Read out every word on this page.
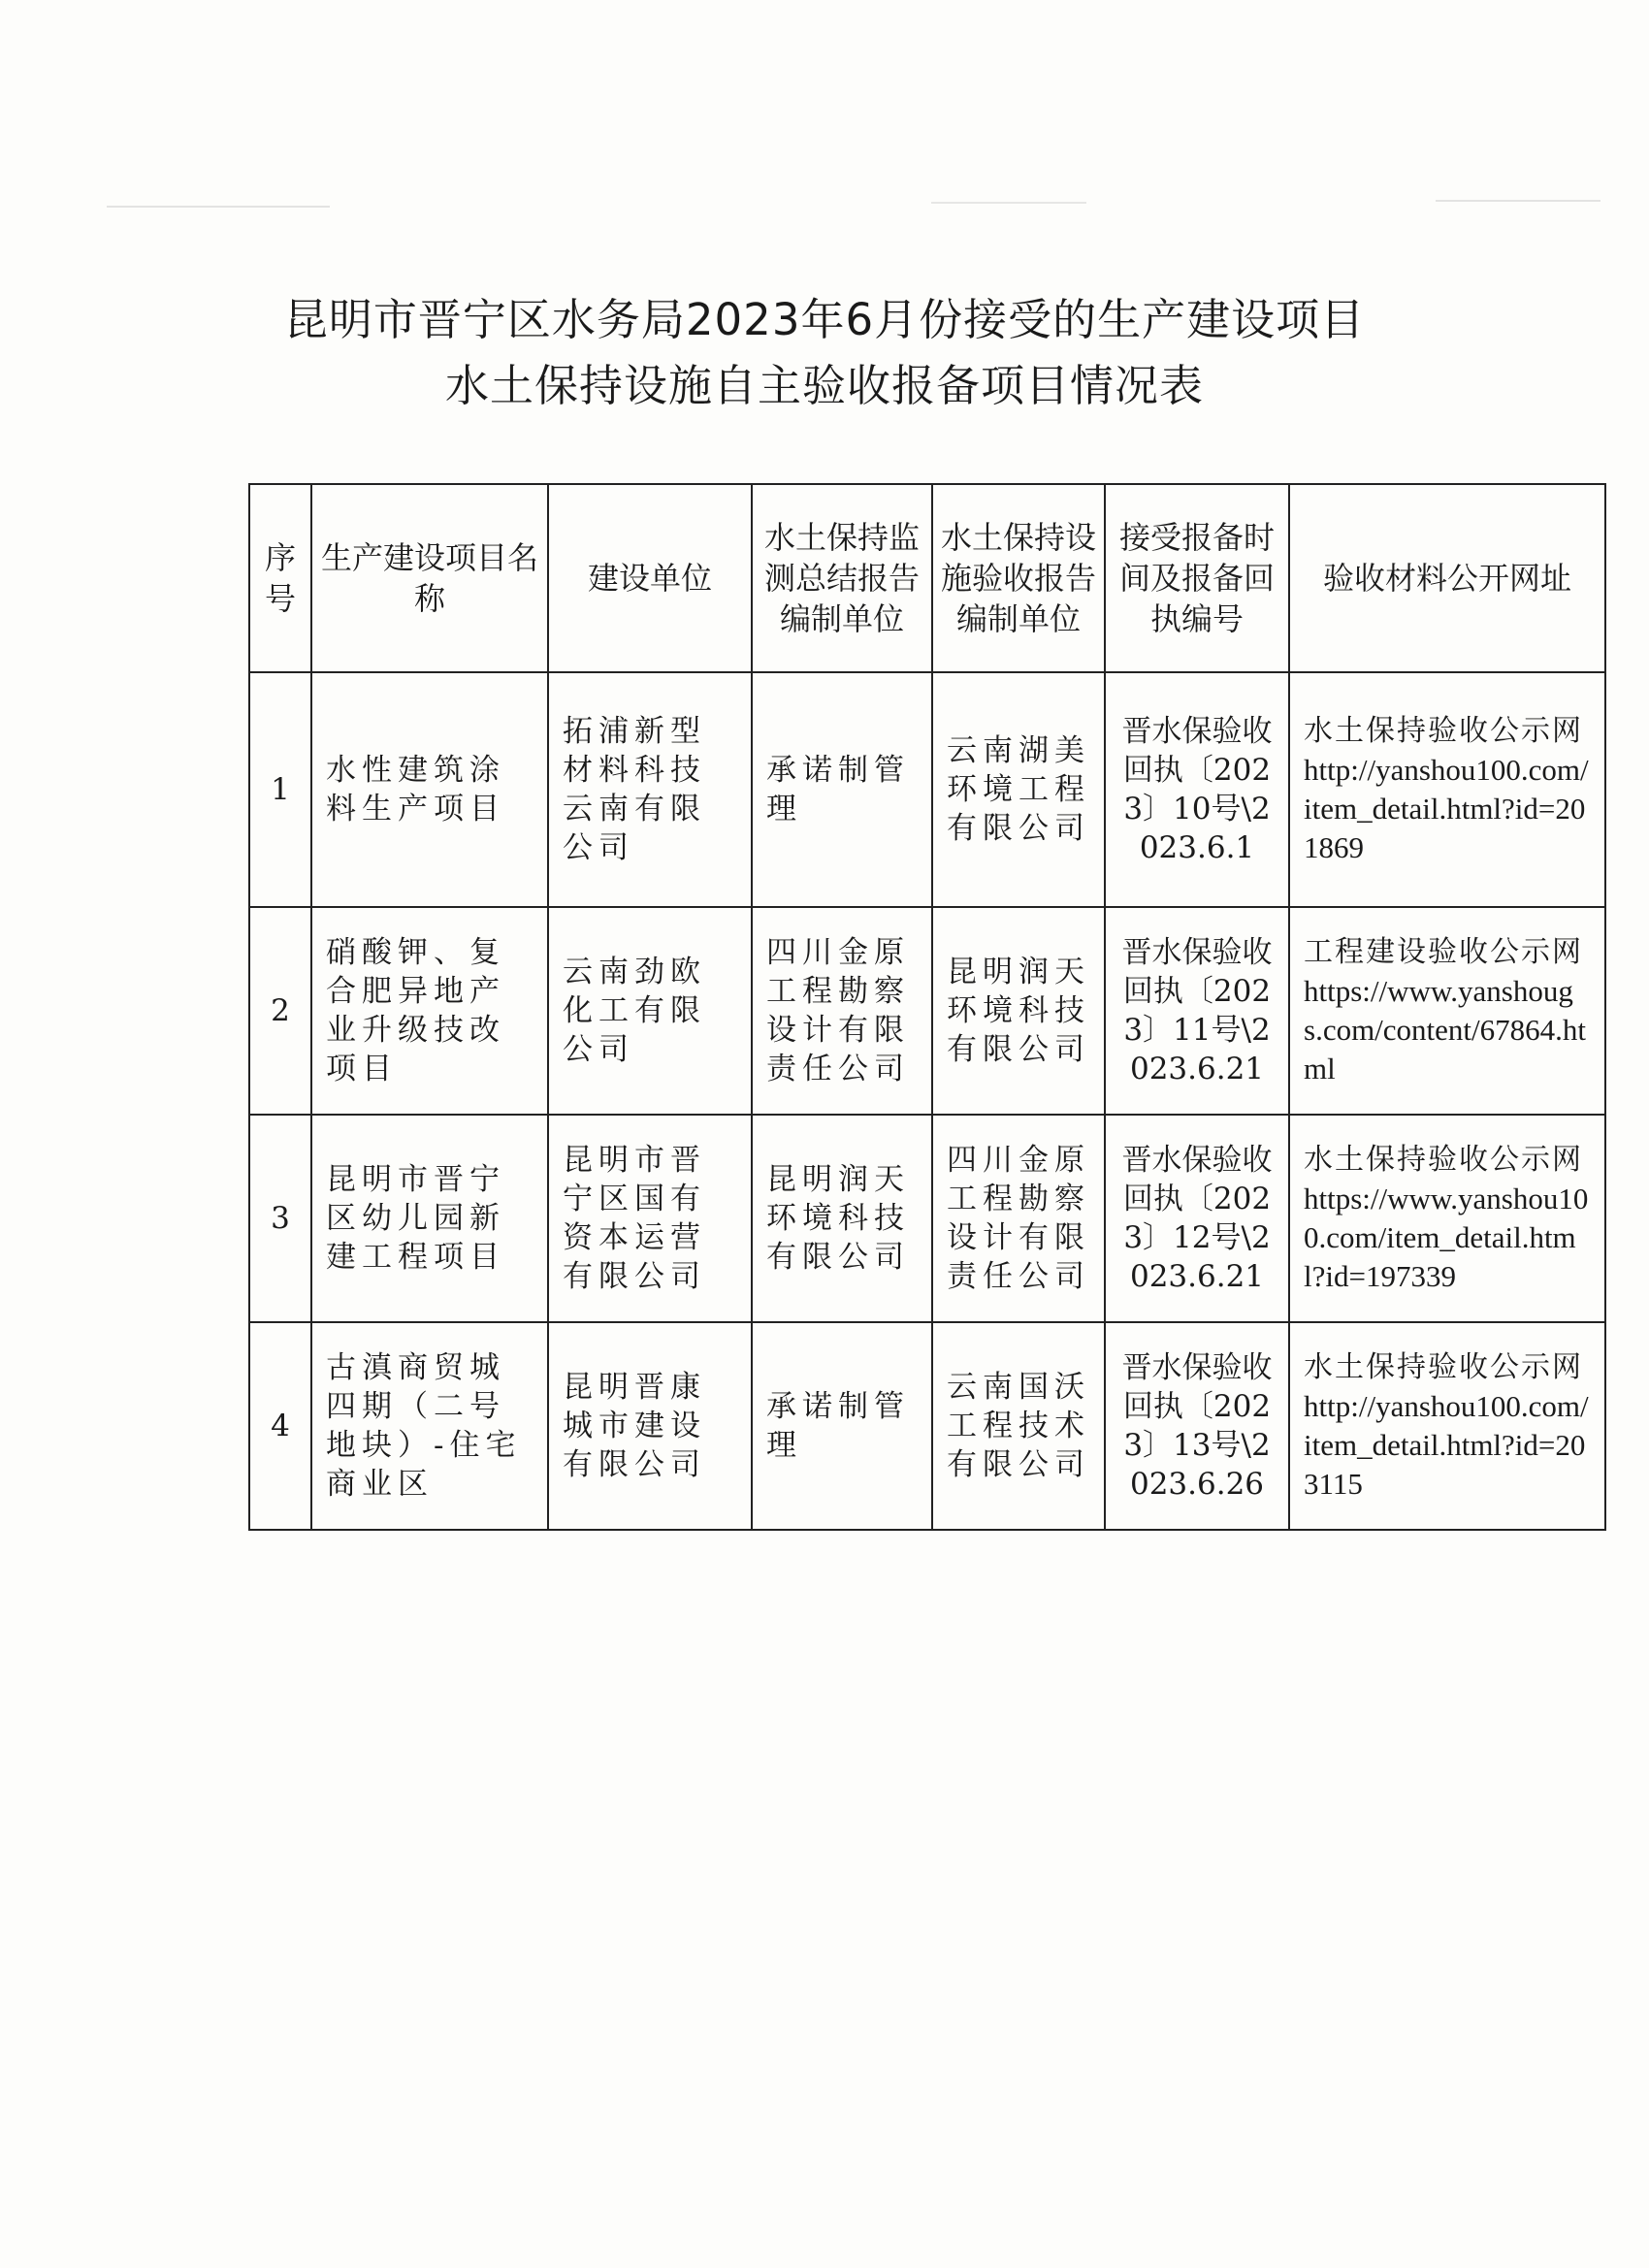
昆明市晋宁区水务局2023年6月份接受的生产建设项目
水土保持设施自主验收报备项目情况表
序号	生产建设项目名称	建设单位	水土保持监测总结报告编制单位	水土保持设施验收报告编制单位	接受报备时间及报备回执编号	验收材料公开网址
1	水性建筑涂料生产项目	拓浦新型材料科技云南有限公司	承诺制管理	云南湖美环境工程有限公司	晋水保验收回执〔2023〕10号\2023.6.1	水土保持验收公示网
http://yanshou100.com/item_detail.html?id=201869

2	硝酸钾、复合肥异地产业升级技改项目	云南劲欧化工有限公司	四川金原工程勘察设计有限责任公司	昆明润天环境科技有限公司	晋水保验收回执〔2023〕11号\2023.6.21	工程建设验收公示网
https://www.yanshougs.com/content/67864.html

3	昆明市晋宁区幼儿园新建工程项目	昆明市晋宁区国有资本运营有限公司	昆明润天环境科技有限公司	四川金原工程勘察设计有限责任公司	晋水保验收回执〔2023〕12号\2023.6.21	水土保持验收公示网
https://www.yanshou100.com/item_detail.html?id=197339

4	古滇商贸城四期（二号地块）-住宅商业区	昆明晋康城市建设有限公司	承诺制管理	云南国沃工程技术有限公司	晋水保验收回执〔2023〕13号\2023.6.26	水土保持验收公示网
http://yanshou100.com/item_detail.html?id=203115
